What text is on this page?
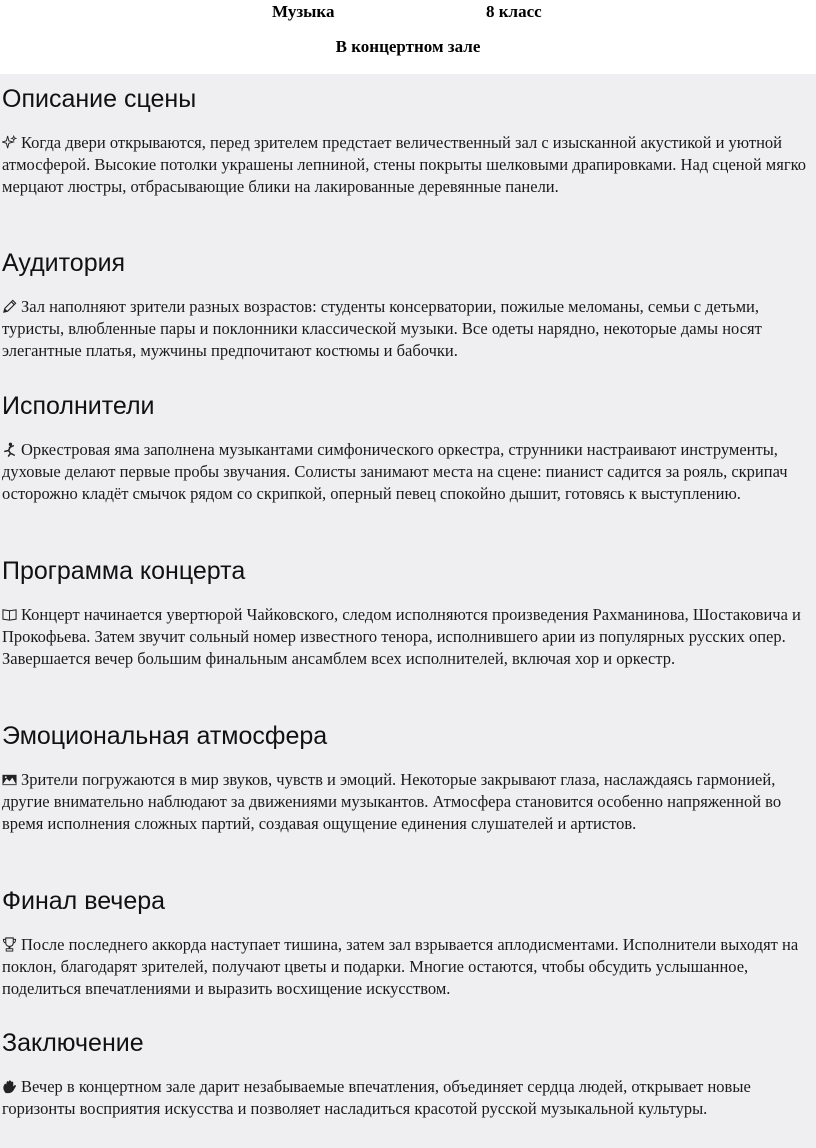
Музыка	8 класс
В концертном зале
Описание сцены

Когда двери открываются, перед зрителем предстает величественный зал с изысканной акустикой и уютной атмосферой. Высокие потолки украшены лепниной, стены покрыты шелковыми драпировками. Над сценой мягко мерцают люстры, отбрасывающие блики на лакированные деревянные панели.

Аудитория

Зал наполняют зрители разных возрастов: студенты консерватории, пожилые меломаны, семьи с детьми, туристы, влюбленные пары и поклонники классической музыки. Все одеты нарядно, некоторые дамы носят элегантные платья, мужчины предпочитают костюмы и бабочки.

Исполнители

Оркестровая яма заполнена музыкантами симфонического оркестра, струнники настраивают инструменты, духовые делают первые пробы звучания. Солисты занимают места на сцене: пианист садится за рояль, скрипач осторожно кладёт смычок рядом со скрипкой, оперный певец спокойно дышит, готовясь к выступлению.

Программа концерта

Концерт начинается увертюрой Чайковского, следом исполняются произведения Рахманинова, Шостаковича и Прокофьева. Затем звучит сольный номер известного тенора, исполнившего арии из популярных русских опер. Завершается вечер большим финальным ансамблем всех исполнителей, включая хор и оркестр.

Эмоциональная атмосфера

Зрители погружаются в мир звуков, чувств и эмоций. Некоторые закрывают глаза, наслаждаясь гармонией, другие внимательно наблюдают за движениями музыкантов. Атмосфера становится особенно напряженной во время исполнения сложных партий, создавая ощущение единения слушателей и артистов.

Финал вечера

После последнего аккорда наступает тишина, затем зал взрывается аплодисментами. Исполнители выходят на поклон, благодарят зрителей, получают цветы и подарки. Многие остаются, чтобы обсудить услышанное, поделиться впечатлениями и выразить восхищение искусством.

Заключение

Вечер в концертном зале дарит незабываемые впечатления, объединяет сердца людей, открывает новые горизонты восприятия искусства и позволяет насладиться красотой русской музыкальной культуры.
